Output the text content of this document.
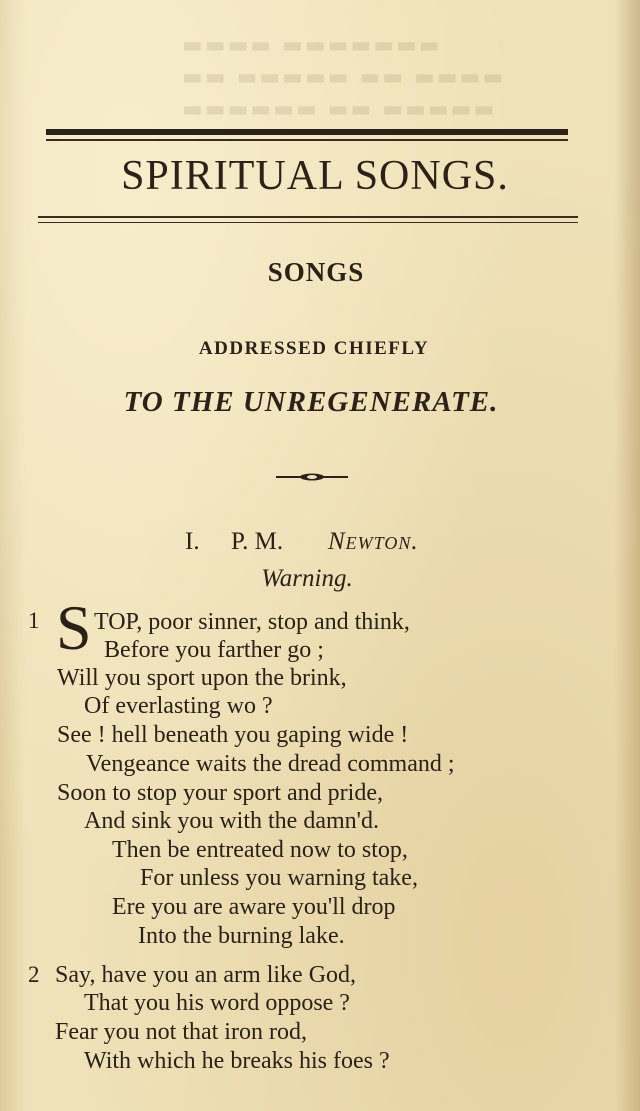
▬▬▬▬▬▬▬ ▬▬▬▬
▬▬▬▬ ▬▬ ▬▬▬▬▬ ▬▬
▬▬▬▬▬ ▬▬ ▬▬▬▬▬▬
SPIRITUAL SONGS.
SONGS
ADDRESSED CHIEFLY
TO THE UNREGENERATE.
I. P. M. Newton.
Warning.
1 S TOP, poor sinner, stop and think,
Before you farther go ;
Will you sport upon the brink,
Of everlasting wo ?
See ! hell beneath you gaping wide !
Vengeance waits the dread command ;
Soon to stop your sport and pride,
And sink you with the damn'd.
Then be entreated now to stop,
For unless you warning take,
Ere you are aware you'll drop
Into the burning lake.
2 Say, have you an arm like God,
That you his word oppose ?
Fear you not that iron rod,
With which he breaks his foes ?
